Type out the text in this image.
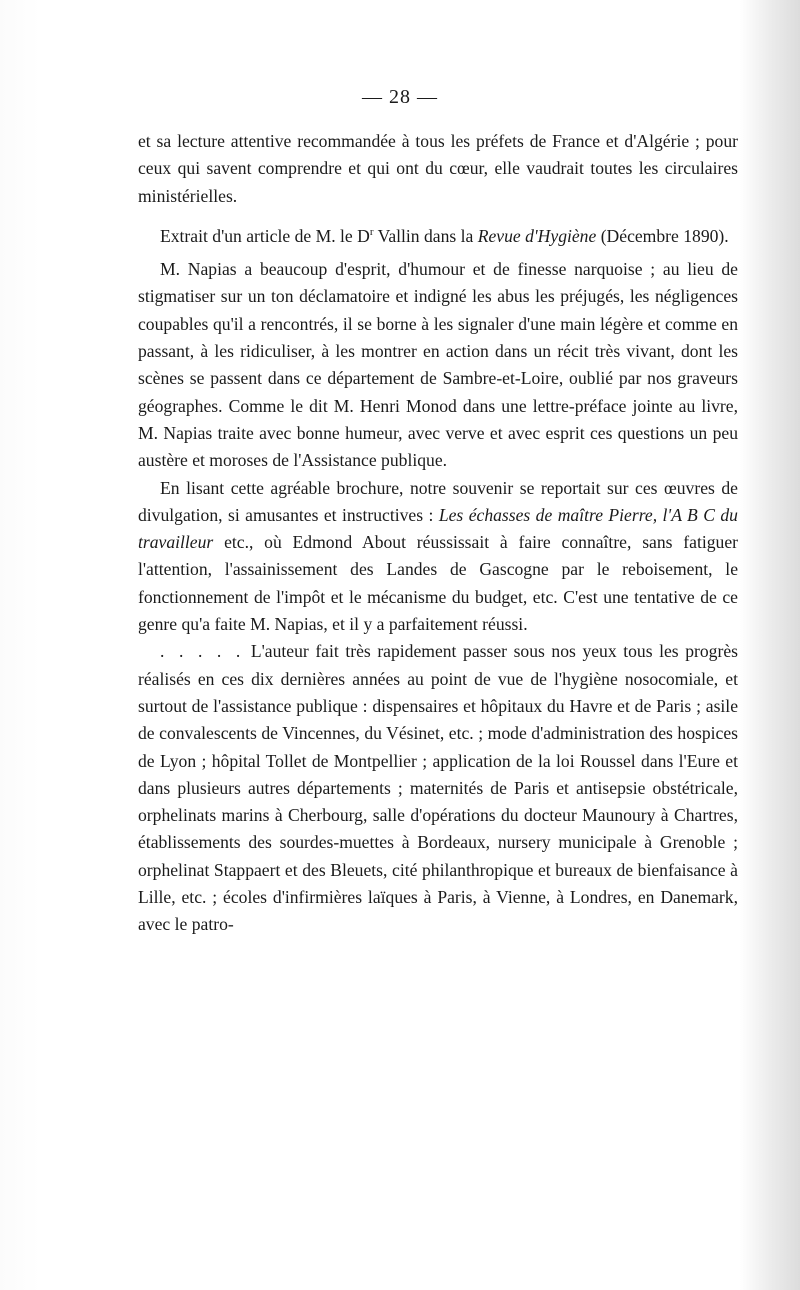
— 28 —

et sa lecture attentive recommandée à tous les préfets de France et d'Algérie ; pour ceux qui savent comprendre et qui ont du cœur, elle vaudrait toutes les circulaires ministérielles.

Extrait d'un article de M. le $D^r$ Vallin dans la Revue d'Hygiène (Décembre 1890).

M. Napias a beaucoup d'esprit, d'humour et de finesse narquoise ; au lieu de stigmatiser sur un ton déclamatoire et indigné les abus les préjugés, les négligences coupables qu'il a rencontrés, il se borne à les signaler d'une main légère et comme en passant, à les ridiculiser, à les montrer en action dans un récit très vivant, dont les scènes se passent dans ce département de Sambre-et-Loire, oublié par nos graveurs géographes. Comme le dit M. Henri Monod dans une lettre-préface jointe au livre, M. Napias traite avec bonne humeur, avec verve et avec esprit ces questions un peu austère et moroses de l'Assistance publique.

En lisant cette agréable brochure, notre souvenir se reportait sur ces œuvres de divulgation, si amusantes et instructives : Les échasses de maître Pierre, l'A B C du travailleur etc., où Edmond About réussissait à faire connaître, sans fatiguer l'attention, l'assainissement des Landes de Gascogne par le reboisement, le fonctionnement de l'impôt et le mécanisme du budget, etc. C'est une tentative de ce genre qu'a faite M. Napias, et il y a parfaitement réussi.

. . . . . L'auteur fait très rapidement passer sous nos yeux tous les progrès réalisés en ces dix dernières années au point de vue de l'hygiène nosocomiale, et surtout de l'assistance publique : dispensaires et hôpitaux du Havre et de Paris ; asile de convalescents de Vincennes, du Vésinet, etc. ; mode d'administration des hospices de Lyon ; hôpital Tollet de Montpellier ; application de la loi Roussel dans l'Eure et dans plusieurs autres départements ; maternités de Paris et antisepsie obstétricale, orphelinats marins à Cherbourg, salle d'opérations du docteur Maunoury à Chartres, établissements des sourdes-muettes à Bordeaux, nursery municipale à Grenoble ; orphelinat Stappaert et des Bleuets, cité philanthropique et bureaux de bienfaisance à Lille, etc. ; écoles d'infirmières laïques à Paris, à Vienne, à Londres, en Danemark, avec le patro-
